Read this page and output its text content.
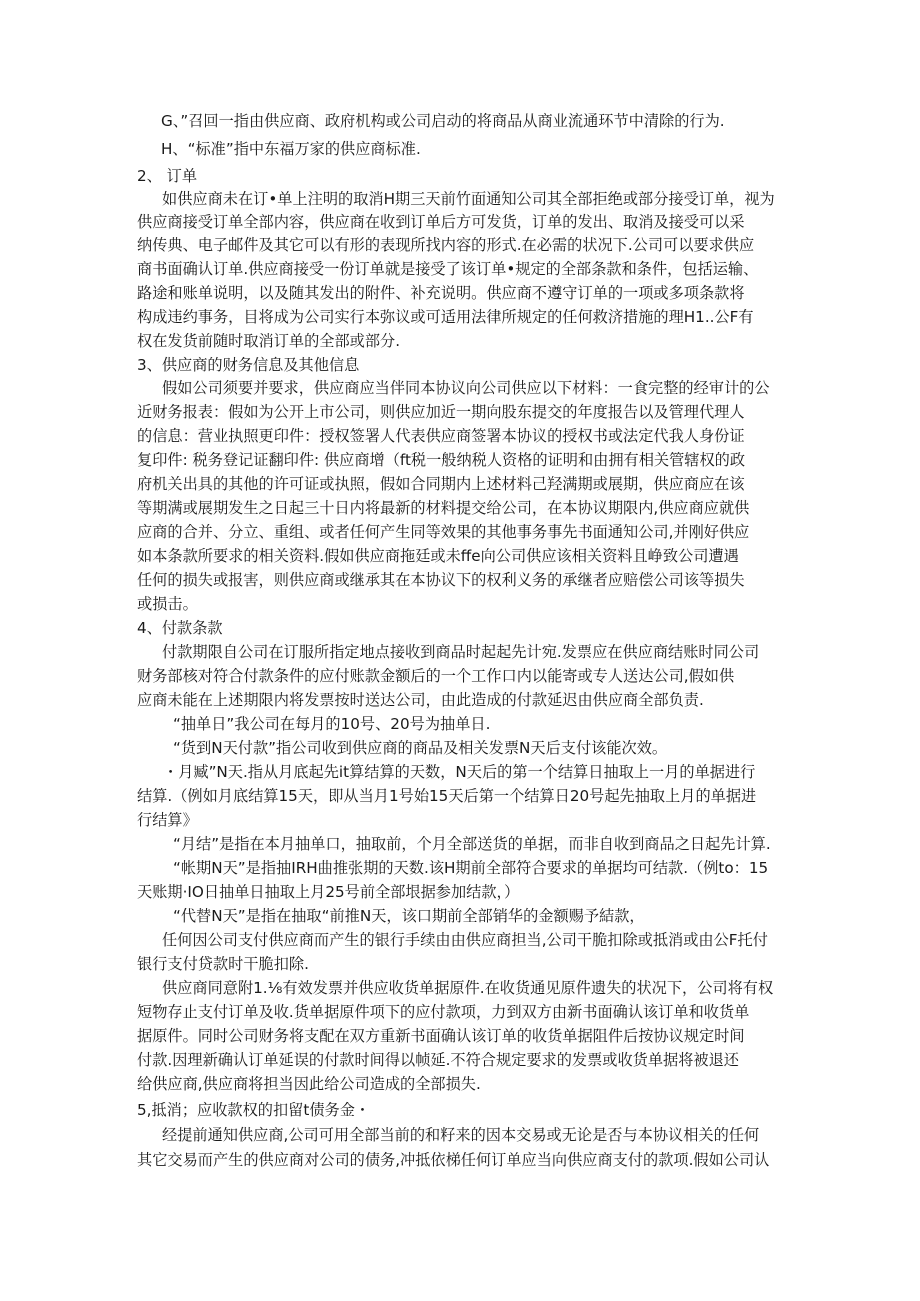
G、”召回一指由供应商、政府机构或公司启动的将商品从商业流通环节中清除的行为.
H、“标准”指中东福万家的供应商标准.
2、 订单
如供应商未在订•单上注明的取消H期三天前竹面通知公司其全部拒绝或部分接受订单，视为
供应商接受订单全部内容，供应商在收到订单后方可发货，订单的发出、取消及接受可以采
纳传典、电子邮件及其它可以有形的表现所找内容的形式.在必需的状况下.公司可以要求供应
商书面确认订单.供应商接受一份订单就是接受了该订单•规定的全部条款和条件，包括运输、
路途和账单说明，以及随其发出的附件、补充说明。供应商不遵守订单的一项或多项条款将
构成违约事务，目将成为公司实行本弥议或可适用法律所规定的任何救济措施的理H1..公F有
权在发货前随时取消订单的全部或部分.
3、供应商的财务信息及其他信息
假如公司须要并要求，供应商应当伴同本协议向公司供应以下材料：一食完整的经审计的公
近财务报表：假如为公开上市公司，则供应加近一期向股东提交的年度报告以及管理代理人
的信息：营业执照更印件：授权签署人代表供应商签署本协议的授权书或法定代我人身份证
复印件: 税务登记证翻印件: 供应商增（ft税一般纳税人资格的证明和由拥有相关管辖权的政
府机关出具的其他的许可证或执照，假如合同期内上述材料己羟满期或展期，供应商应在该
等期满或展期发生之日起三十日内将最新的材料提交给公司，在本协议期限内,供应商应就供
应商的合并、分立、重组、或者任何产生同等效果的其他事务事先书面通知公司,并刚好供应
如本条款所要求的相关资料.假如供应商拖廷或未ffe向公司供应该相关资料且峥致公司遭遇
任何的损失或报害，则供应商或继承其在本协议下的权利义务的承继者应赔偿公司该等损失
或损击。
4、付款条款
付款期限自公司在订服所指定地点接收到商品时起起先计宛.发票应在供应商结账时同公司
财务部核对符合付款条件的应付账款金额后的一个工作口内以能寄或专人送达公司,假如供
应商未能在上述期限内将发票按时送达公司，由此造成的付款延迟由供应商全部负责.
“抽单日”我公司在每月的10号、20号为抽单日.
“货到N天付款”指公司收到供应商的商品及相关发票N天后支付该能次效。
・月臧”N天.指从月底起先it算结算的天数，N天后的第一个结算日抽取上一月的单据进行
结算.（例如月底结算15天，即从当月1号始15天后第一个结算日20号起先抽取上月的单据进
行结算》
“月结”是指在本月抽单口，抽取前，个月全部送货的单据，而非自收到商品之日起先计算.
“帐期N天”是指抽IRH曲推张期的天数.该H期前全部符合要求的单据均可结款.（例to：15
天账期·IO日抽单日抽取上月25号前全部垠据参加结款，）
“代替N天”是指在抽取“前推N天，该口期前全部销华的金额赐予結款，
任何因公司支付供应商而产生的银行手续由由供应商担当,公司干脆扣除或抵消或由公F托付
银行支付贷款时干脆扣除.
供应商同意附1.⅛有效发票并供应收货单据原件.在收货通见原件遗失的状况下，公司将有权
短物存止支付订单及收.货单据原件项下的应付款项，力到双方由新书面确认该订单和收货单
据原件。同时公司财务将支配在双方重新书面确认该订单的收货单据阻件后按协议规定时间
付款.因理新确认订单延误的付款时间得以帧延.不符合规定要求的发票或收货单据将被退还
给供应商,供应商将担当因此给公司造成的全部损失.
5,抵消；应收款权的扣留t债务金・
经提前通知供应商,公司可用全部当前的和籽来的因本交易或无论是否与本协议相关的任何
其它交易而产生的供应商对公司的债务,冲抵依梯任何订单应当向供应商支付的款项.假如公司认
